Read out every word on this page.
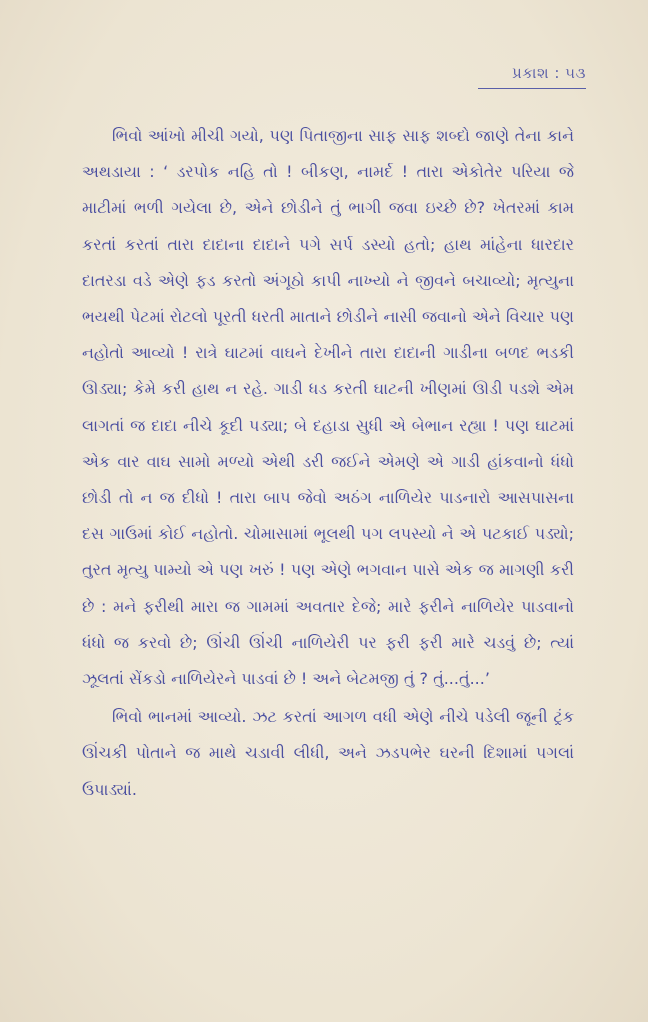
પ્રકાશ : ૫૩

ભિવો આંખો મીચી ગયો, પણ પિતાજીના સાફ સાફ શબ્દો જાણે તેના કાને અથડાયા : ‘ ડરપોક નહિ તો ! બીકણ, નામર્દ ! તારા એકોતેર પરિયા જે માટીમાં ભળી ગયેલા છે, એને છોડીને તું ભાગી જવા ઇચ્છે છે? ખેતરમાં કામ કરતાં કરતાં તારા દાદાના દાદાને પગે સર્પ ડસ્યો હતો; હાથ માંહેના ધારદાર દાતરડા વડે એણે ફડ કરતો અંગૂઠો કાપી નાખ્યો ને જીવને બચાવ્યો; મૃત્યુના ભયથી પેટમાં રોટલો પૂરતી ધરતી માતાને છોડીને નાસી જવાનો એને વિચાર પણ નહોતો આવ્યો ! રાત્રે ઘાટમાં વાઘને દેખીને તારા દાદાની ગાડીના બળદ ભડકી ઊડ્યા; કેમે કરી હાથ ન રહે. ગાડી ધડ કરતી ઘાટની ખીણમાં ઊડી પડશે એમ લાગતાં જ દાદા નીચે કૂદી પડ્યા; બે દહાડા સુધી એ બેભાન રહ્યા ! પણ ઘાટમાં એક વાર વાઘ સામો મળ્યો એથી ડરી જઈને એમણે એ ગાડી હાંકવાનો ધંધો છોડી તો ન જ દીધો ! તારા બાપ જેવો અઠંગ નાળિયેર પાડનારો આસપાસના દસ ગાઉમાં કોઈ નહોતો. ચોમાસામાં ભૂલથી પગ લપસ્યો ને એ પટકાઈ પડ્યો; તુરત મૃત્યુ પામ્યો એ પણ ખરું ! પણ એણે ભગવાન પાસે એક જ માગણી કરી છે : મને ફરીથી મારા જ ગામમાં અવતાર દેજે; મારે ફરીને નાળિયેર પાડવાનો ધંધો જ કરવો છે; ઊંચી ઊંચી નાળિયેરી પર ફરી ફરી મારે ચડવું છે; ત્યાં ઝૂલતાં સેંકડો નાળિયેરને પાડવાં છે ! અને બેટમજી તું ? તું...તું...’

ભિવો ભાનમાં આવ્યો. ઝટ કરતાં આગળ વધી એણે નીચે પડેલી જૂની ટ્રંક ઊંચકી પોતાને જ માથે ચડાવી લીધી, અને ઝડપભેર ઘરની દિશામાં પગલાં ઉપાડ્યાં.
